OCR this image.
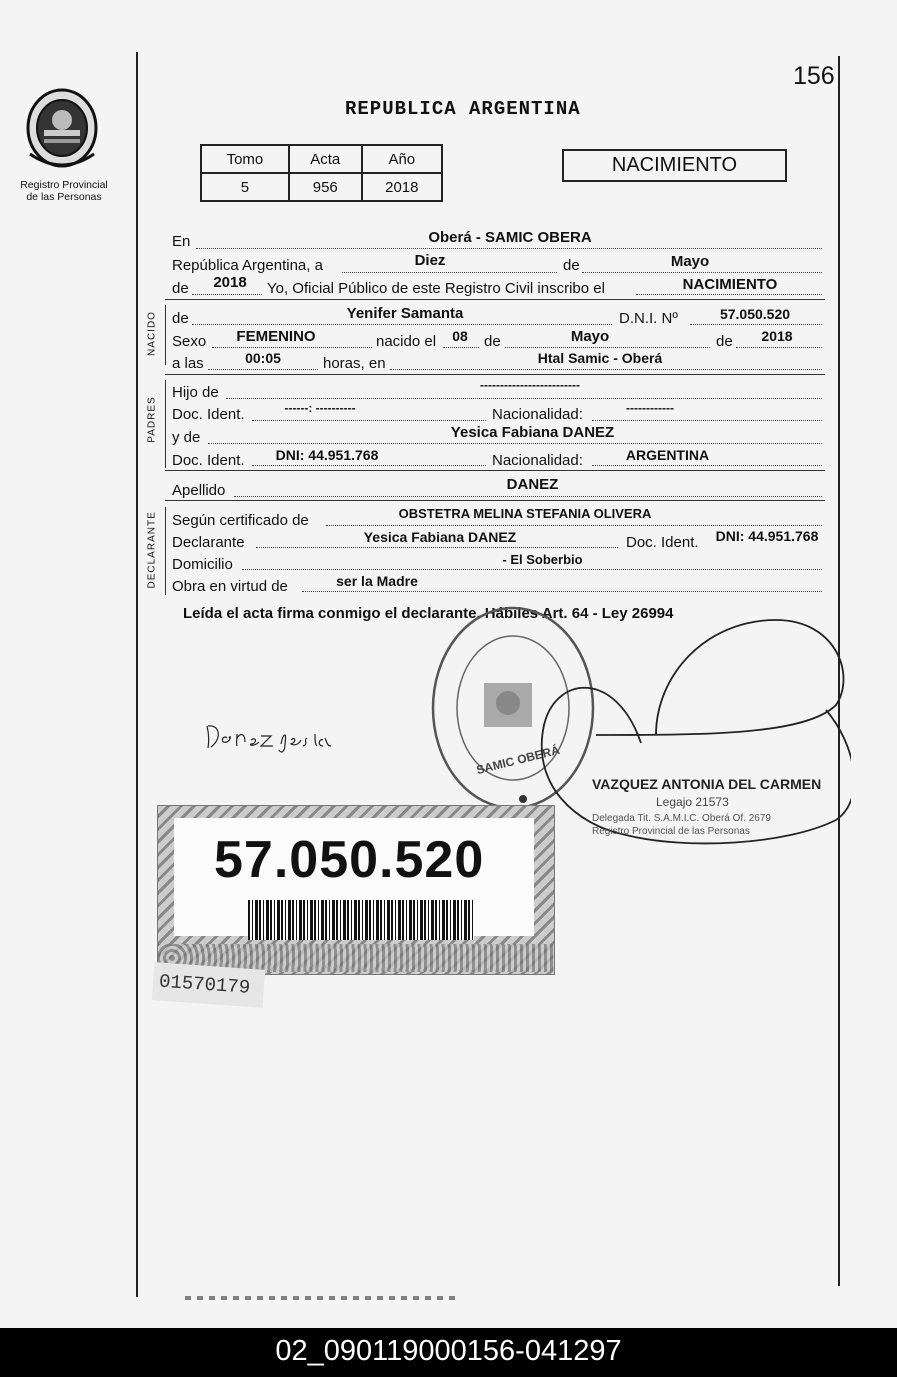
156
Registro Provincial
de las Personas
REPUBLICA ARGENTINA
Tomo	Acta	Año
5	956	2018
NACIMIENTO
En	Oberá - SAMIC OBERA
República Argentina, a	Diez	de	Mayo
de	2018	Yo, Oficial Público de este Registro Civil inscribo el	NACIMIENTO
NACIDO de	Yenifer Samanta	D.N.I. Nº	57.050.520
Sexo	FEMENINO	nacido el	08	de	Mayo	de	2018
a las	00:05	horas, en	Htal Samic - Oberá
PADRES
Hijo de	-------------------------
Doc. Ident.	------: ----------	Nacionalidad:	------------
y de	Yesica Fabiana DANEZ
Doc. Ident.	DNI: 44.951.768	Nacionalidad:	ARGENTINA
Apellido	DANEZ
DECLARANTE Según certificado de	OBSTETRA MELINA STEFANIA OLIVERA
Declarante	Yesica Fabiana DANEZ	Doc. Ident.	DNI: 44.951.768
Domicilio	- El Soberbio
Obra en virtud de	ser la Madre
Leída el acta firma conmigo el declarante. Hábiles Art. 64 - Ley 26994
SAMIC OBERÁ
VAZQUEZ ANTONIA DEL CARMEN
Legajo 21573
Delegada Tit. S.A.M.I.C. Oberá Of. 2679
Registro Provincial de las Personas
57.050.520
01570179
02_090119000156-041297
